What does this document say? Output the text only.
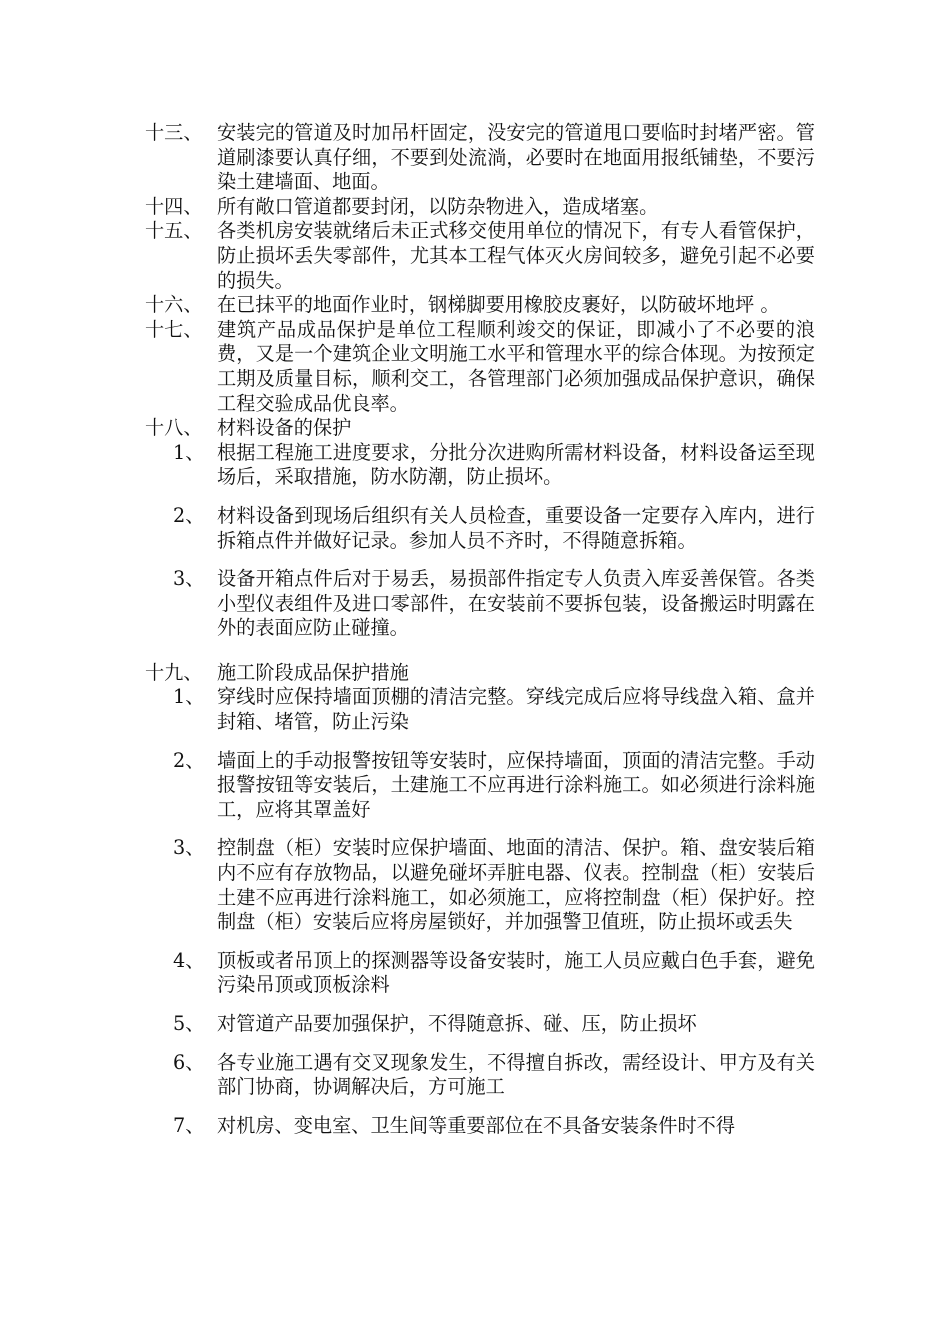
十三、 安装完的管道及时加吊杆固定，没安完的管道甩口要临时封堵严密。管道刷漆要认真仔细，不要到处流淌，必要时在地面用报纸铺垫，不要污染土建墙面、地面。
十四、 所有敞口管道都要封闭，以防杂物进入，造成堵塞。
十五、 各类机房安装就绪后未正式移交使用单位的情况下，有专人看管保护，防止损坏丢失零部件，尤其本工程气体灭火房间较多，避免引起不必要的损失。
十六、 在已抹平的地面作业时，钢梯脚要用橡胶皮裹好，以防破坏地坪 。
十七、 建筑产品成品保护是单位工程顺利竣交的保证，即减小了不必要的浪费，又是一个建筑企业文明施工水平和管理水平的综合体现。为按预定工期及质量目标，顺利交工，各管理部门必须加强成品保护意识，确保工程交验成品优良率。
十八、 材料设备的保护
1、 根据工程施工进度要求，分批分次进购所需材料设备，材料设备运至现场后，采取措施，防水防潮，防止损坏。
2、 材料设备到现场后组织有关人员检查，重要设备一定要存入库内，进行拆箱点件并做好记录。参加人员不齐时，不得随意拆箱。
3、 设备开箱点件后对于易丢，易损部件指定专人负责入库妥善保管。各类小型仪表组件及进口零部件，在安装前不要拆包装，设备搬运时明露在外的表面应防止碰撞。
十九、 施工阶段成品保护措施
1、 穿线时应保持墙面顶棚的清洁完整。穿线完成后应将导线盘入箱、盒并封箱、堵管，防止污染
2、 墙面上的手动报警按钮等安装时，应保持墙面，顶面的清洁完整。手动报警按钮等安装后，土建施工不应再进行涂料施工。如必须进行涂料施工，应将其罩盖好
3、 控制盘（柜）安装时应保护墙面、地面的清洁、保护。箱、盘安装后箱内不应有存放物品，以避免碰坏弄脏电器、仪表。控制盘（柜）安装后土建不应再进行涂料施工，如必须施工，应将控制盘（柜）保护好。控制盘（柜）安装后应将房屋锁好，并加强警卫值班，防止损坏或丢失
4、 顶板或者吊顶上的探测器等设备安装时，施工人员应戴白色手套，避免污染吊顶或顶板涂料
5、 对管道产品要加强保护，不得随意拆、碰、压，防止损坏
6、 各专业施工遇有交叉现象发生，不得擅自拆改，需经设计、甲方及有关部门协商，协调解决后，方可施工
7、 对机房、变电室、卫生间等重要部位在不具备安装条件时不得
